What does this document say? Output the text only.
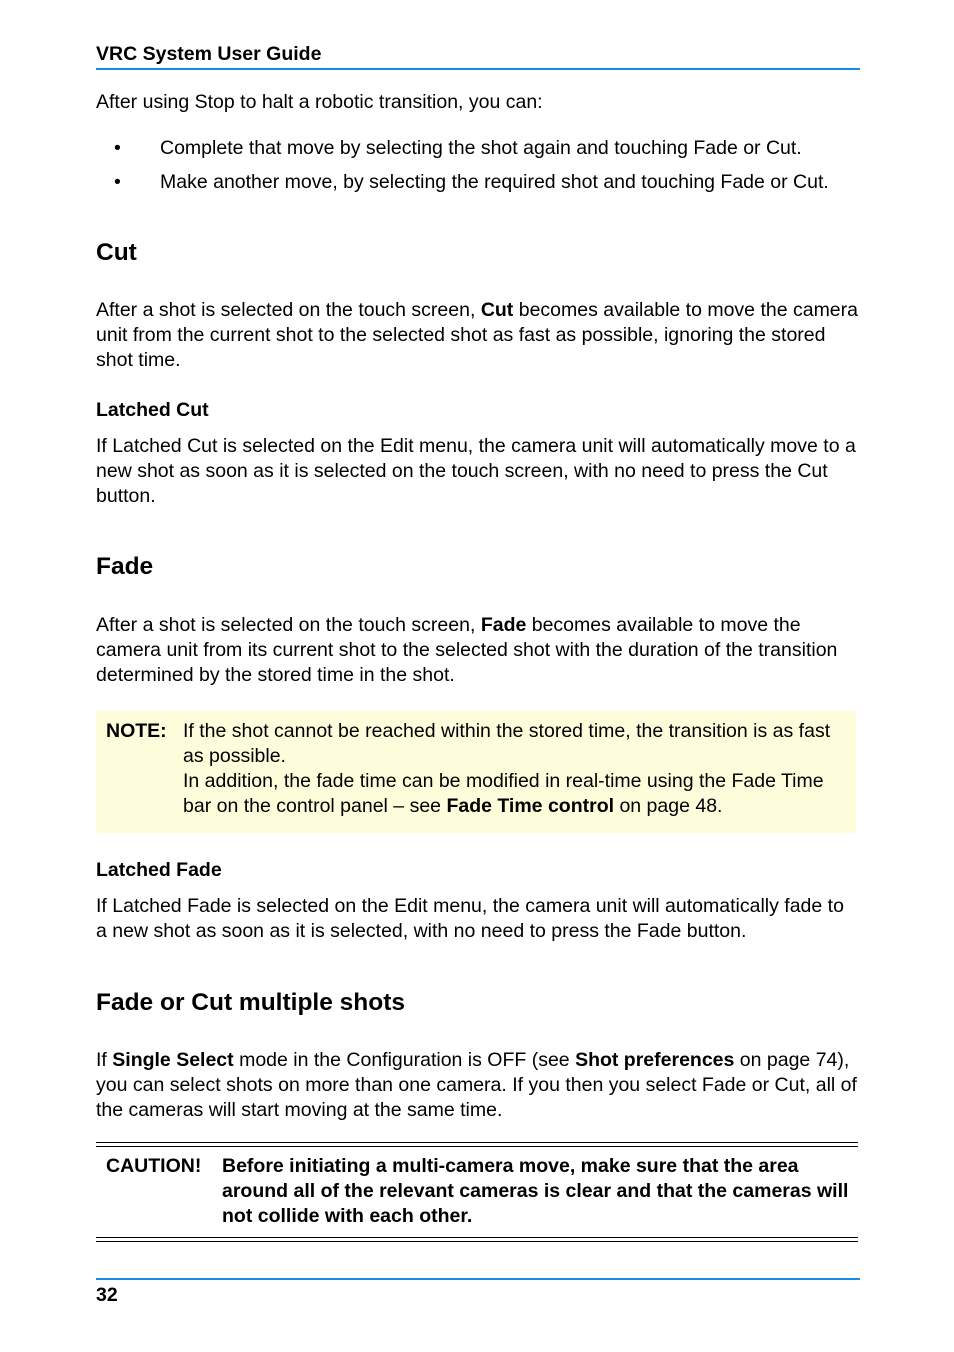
VRC System User Guide
After using Stop to halt a robotic transition, you can:
• Complete that move by selecting the shot again and touching Fade or Cut.
• Make another move, by selecting the required shot and touching Fade or Cut.
Cut
After a shot is selected on the touch screen, Cut becomes available to move the camera unit from the current shot to the selected shot as fast as possible, ignoring the stored shot time.
Latched Cut
If Latched Cut is selected on the Edit menu, the camera unit will automatically move to a new shot as soon as it is selected on the touch screen, with no need to press the Cut button.
Fade
After a shot is selected on the touch screen, Fade becomes available to move the camera unit from its current shot to the selected shot with the duration of the transition determined by the stored time in the shot.
NOTE: If the shot cannot be reached within the stored time, the transition is as fast as possible.
In addition, the fade time can be modified in real-time using the Fade Time bar on the control panel – see Fade Time control on page 48.
Latched Fade
If Latched Fade is selected on the Edit menu, the camera unit will automatically fade to a new shot as soon as it is selected, with no need to press the Fade button.
Fade or Cut multiple shots
If Single Select mode in the Configuration is OFF (see Shot preferences on page 74), you can select shots on more than one camera. If you then you select Fade or Cut, all of the cameras will start moving at the same time.
CAUTION! Before initiating a multi-camera move, make sure that the area around all of the relevant cameras is clear and that the cameras will not collide with each other.
32
